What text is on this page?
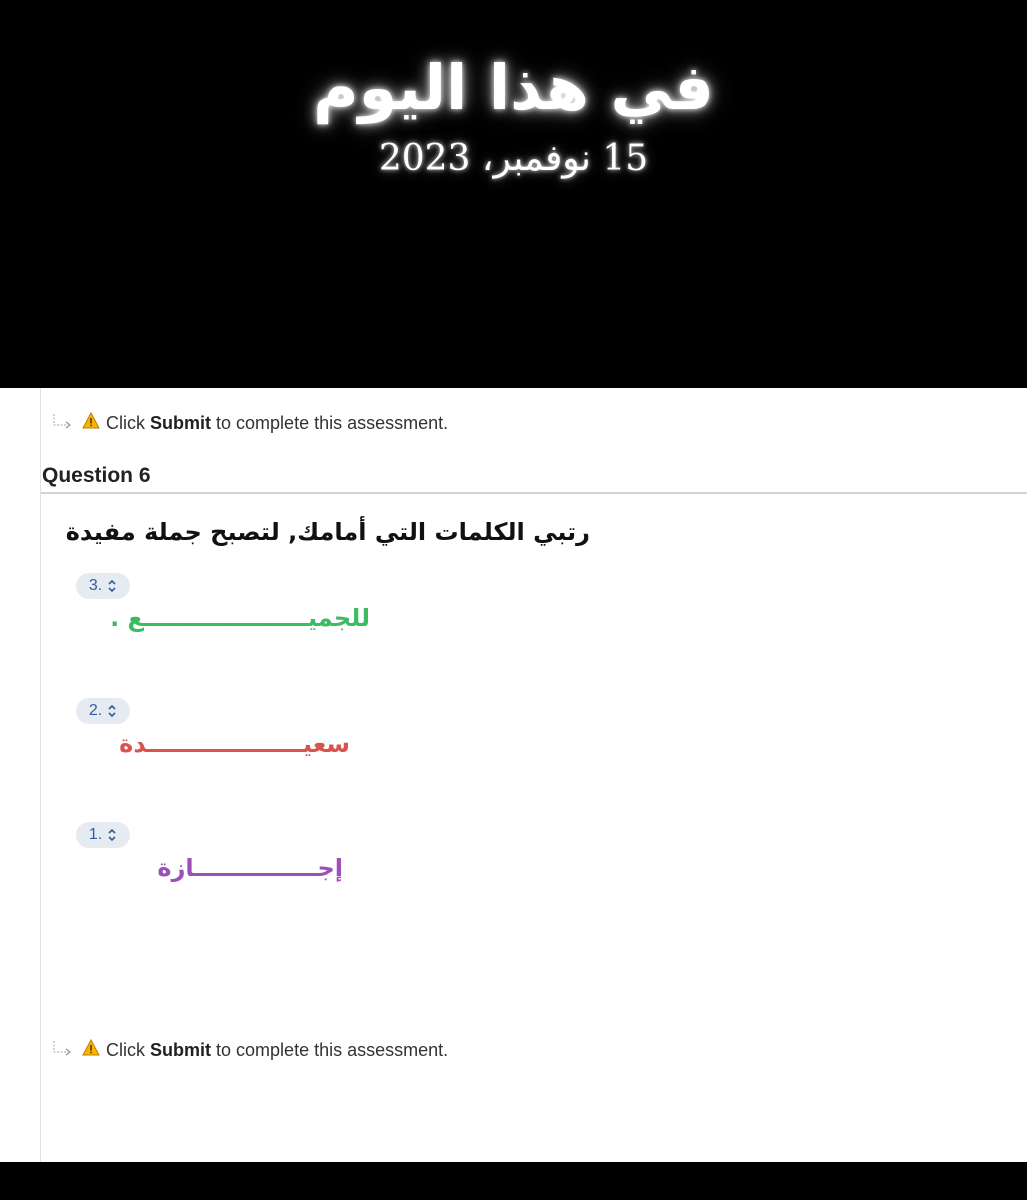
في هذا اليوم
15 نوفمبر، 2023
Click
Submit
to complete this assessment.
Question 6
رتبي الكلمات التي أمامك, لتصبح جملة مفيدة
3.
للجميــــــــــــــــــــع .
2.
سعيـــــــــــــــــــدة
1.
إجـــــــــــــــازة
Click
Submit
to complete this assessment.
